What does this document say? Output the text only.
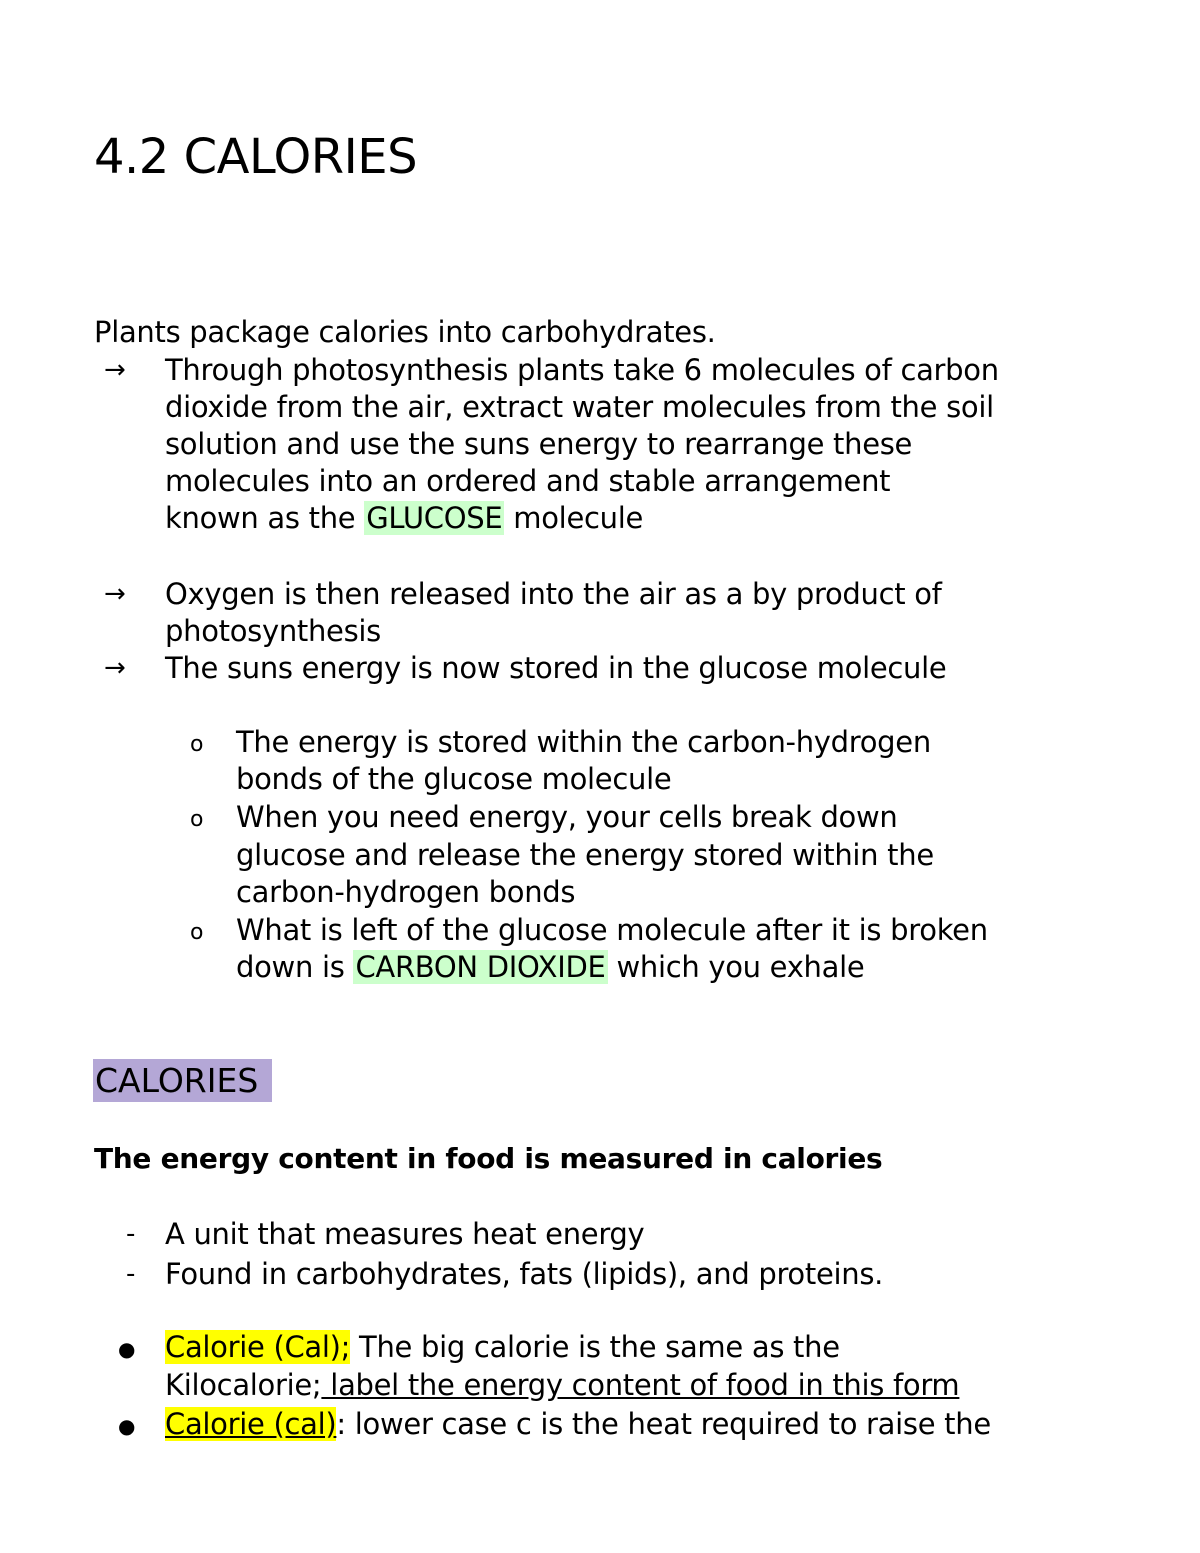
4.2 CALORIES
Plants package calories into carbohydrates.
→ Through photosynthesis plants take 6 molecules of carbon
dioxide from the air, extract water molecules from the soil
solution and use the suns energy to rearrange these
molecules into an ordered and stable arrangement
known as the GLUCOSE molecule
→ Oxygen is then released into the air as a by product of
photosynthesis
→ The suns energy is now stored in the glucose molecule
o The energy is stored within the carbon-hydrogen
bonds of the glucose molecule
o When you need energy, your cells break down
glucose and release the energy stored within the
carbon-hydrogen bonds
o What is left of the glucose molecule after it is broken
down is CARBON DIOXIDE which you exhale
CALORIES
The energy content in food is measured in calories
- A unit that measures heat energy
- Found in carbohydrates, fats (lipids), and proteins.
● Calorie (Cal); The big calorie is the same as the
Kilocalorie; label the energy content of food in this form
● Calorie (cal): lower case c is the heat required to raise the
